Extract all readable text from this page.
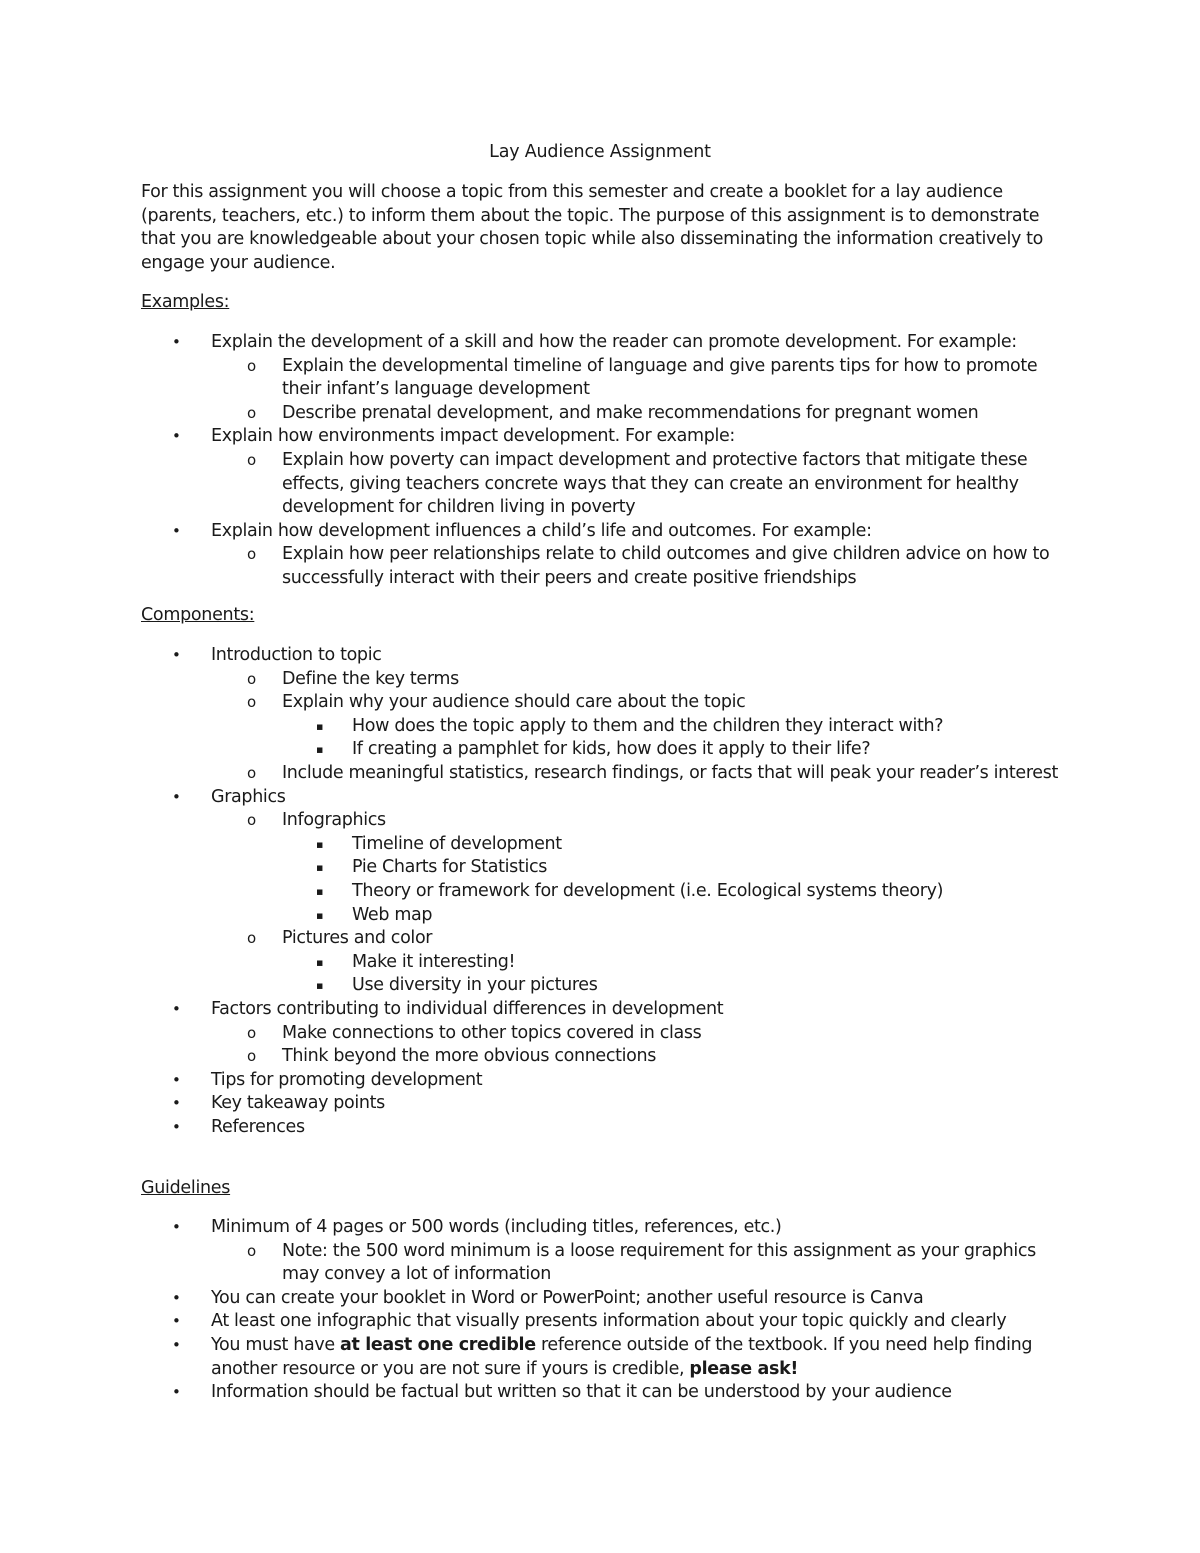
Lay Audience Assignment
For this assignment you will choose a topic from this semester and create a booklet for a lay audience (parents, teachers, etc.) to inform them about the topic. The purpose of this assignment is to demonstrate that you are knowledgeable about your chosen topic while also disseminating the information creatively to engage your audience.
Examples:
•	Explain the development of a skill and how the reader can promote development. For example:
o	Explain the developmental timeline of language and give parents tips for how to promote their infant’s language development
o	Describe prenatal development, and make recommendations for pregnant women
•	Explain how environments impact development. For example:
o	Explain how poverty can impact development and protective factors that mitigate these effects, giving teachers concrete ways that they can create an environment for healthy development for children living in poverty
•	Explain how development influences a child’s life and outcomes. For example:
o	Explain how peer relationships relate to child outcomes and give children advice on how to successfully interact with their peers and create positive friendships
Components:
•	Introduction to topic
o	Define the key terms
o	Explain why your audience should care about the topic
▪	How does the topic apply to them and the children they interact with?
▪	If creating a pamphlet for kids, how does it apply to their life?
o	Include meaningful statistics, research findings, or facts that will peak your reader’s interest
•	Graphics
o	Infographics
▪	Timeline of development
▪	Pie Charts for Statistics
▪	Theory or framework for development (i.e. Ecological systems theory)
▪	Web map
o	Pictures and color
▪	Make it interesting!
▪	Use diversity in your pictures
•	Factors contributing to individual differences in development
o	Make connections to other topics covered in class
o	Think beyond the more obvious connections
•	Tips for promoting development
•	Key takeaway points
•	References
Guidelines
•	Minimum of 4 pages or 500 words (including titles, references, etc.)
o	Note: the 500 word minimum is a loose requirement for this assignment as your graphics may convey a lot of information
•	You can create your booklet in Word or PowerPoint; another useful resource is Canva
•	At least one infographic that visually presents information about your topic quickly and clearly
•	You must have at least one credible reference outside of the textbook. If you need help finding another resource or you are not sure if yours is credible, please ask!
•	Information should be factual but written so that it can be understood by your audience
